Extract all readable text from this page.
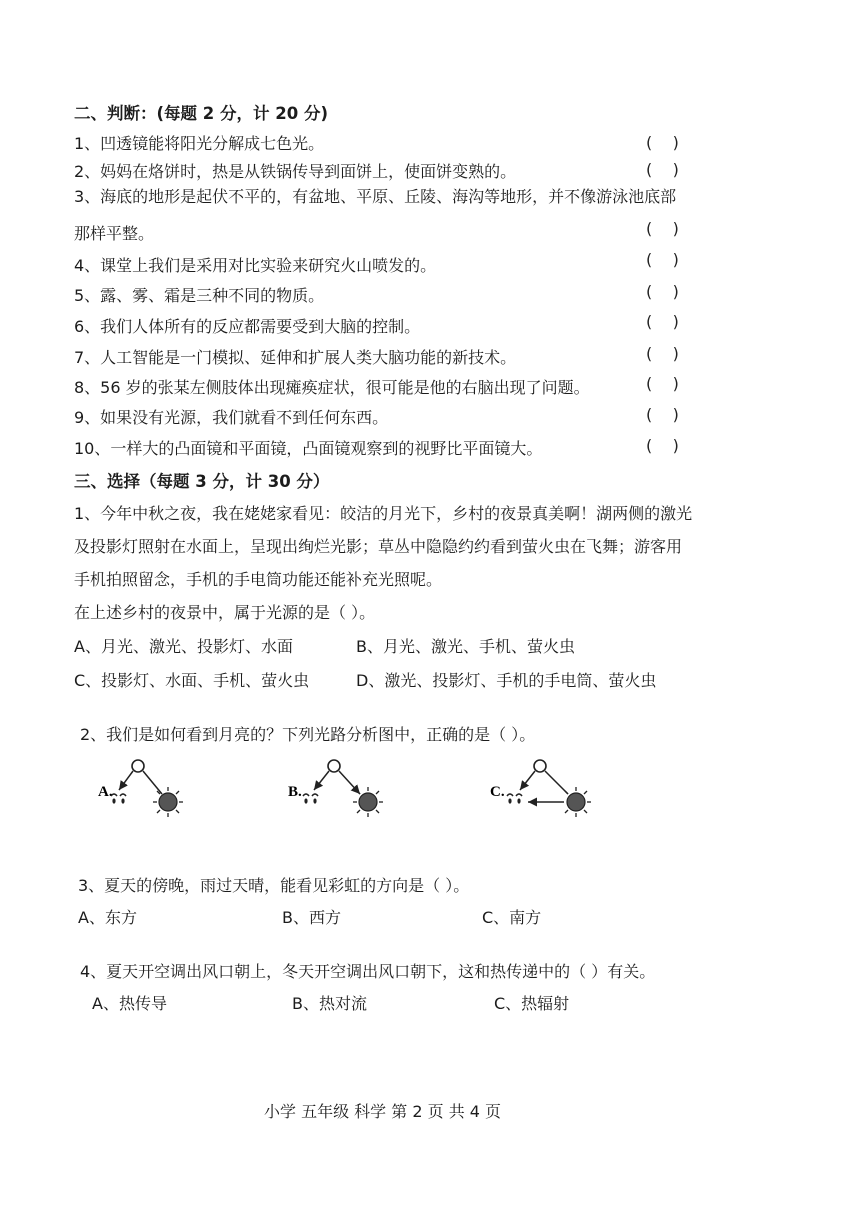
二、判断：(每题 2 分，计 20 分)
1、凹透镜能将阳光分解成七色光。	(    )
2、妈妈在烙饼时，热是从铁锅传导到面饼上，使面饼变熟的。	(    )
3、海底的地形是起伏不平的，有盆地、平原、丘陵、海沟等地形，并不像游泳池底部
那样平整。	(    )
4、课堂上我们是采用对比实验来研究火山喷发的。	(    )
5、露、雾、霜是三种不同的物质。	(    )
6、我们人体所有的反应都需要受到大脑的控制。	(    )
7、人工智能是一门模拟、延伸和扩展人类大脑功能的新技术。	(    )
8、56 岁的张某左侧肢体出现瘫痪症状，很可能是他的右脑出现了问题。	(    )
9、如果没有光源，我们就看不到任何东西。	(    )
10、一样大的凸面镜和平面镜，凸面镜观察到的视野比平面镜大。	(    )
三、选择（每题 3 分，计 30 分）
1、今年中秋之夜，我在姥姥家看见：皎洁的月光下，乡村的夜景真美啊！湖两侧的激光
及投影灯照射在水面上，呈现出绚烂光影；草丛中隐隐约约看到萤火虫在飞舞；游客用
手机拍照留念，手机的手电筒功能还能补充光照呢。
在上述乡村的夜景中，属于光源的是（ ）。
A、月光、激光、投影灯、水面	B、月光、激光、手机、萤火虫
C、投影灯、水面、手机、萤火虫	D、激光、投影灯、手机的手电筒、萤火虫
2、我们是如何看到月亮的？下列光路分析图中，正确的是（ ）。
A.	B.	C.
3、夏天的傍晚，雨过天晴，能看见彩虹的方向是（ ）。
A、东方	B、西方	C、南方
4、夏天开空调出风口朝上，冬天开空调出风口朝下，这和热传递中的（ ）有关。
A、热传导	B、热对流	C、热辐射
小学 五年级 科学 第 2 页 共 4 页
